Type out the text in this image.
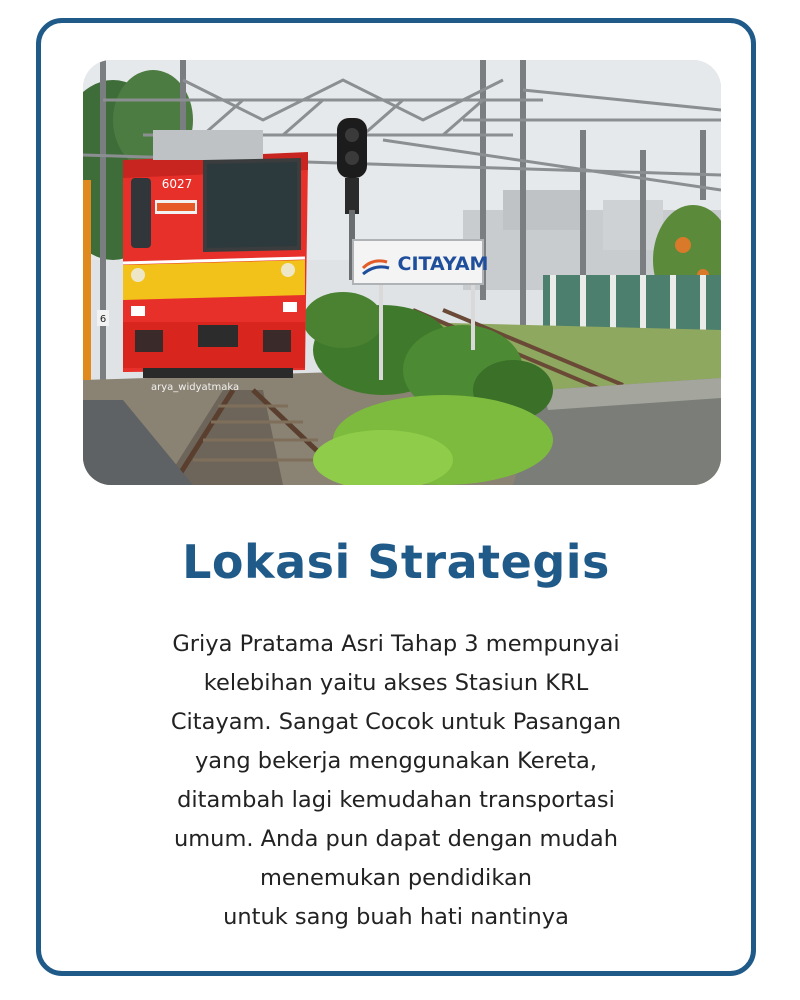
CITAYAM
6027
6
arya_widyatmaka
Lokasi Strategis

Griya Pratama Asri Tahap 3 mempunyai
kelebihan yaitu akses Stasiun KRL
Citayam. Sangat Cocok untuk Pasangan
yang bekerja menggunakan Kereta,
ditambah lagi kemudahan transportasi
umum. Anda pun dapat dengan mudah
menemukan pendidikan
untuk sang buah hati nantinya
